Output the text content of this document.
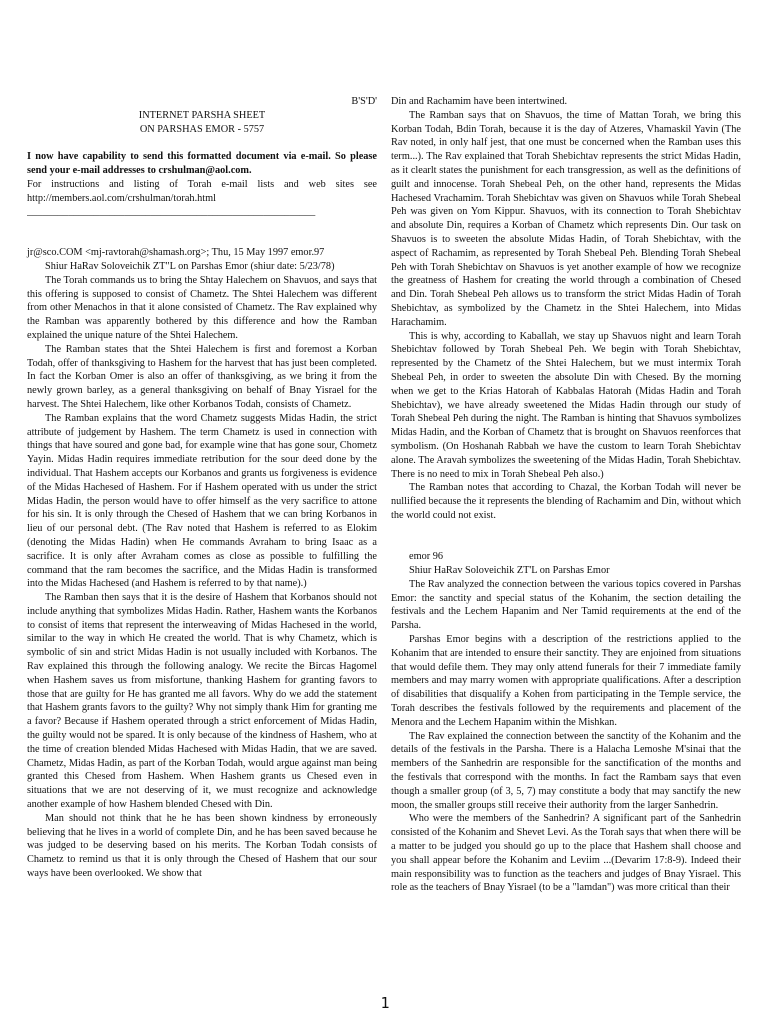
B'S'D'

INTERNET PARSHA SHEET

ON PARSHAS EMOR - 5757

I now have capability to send this formatted document via e-mail. So please send your e-mail addresses to crshulman@aol.com.

For instructions and listing of Torah e-mail lists and web sites see http://members.aol.com/crshulman/torah.html

________________________________________________________

jr@sco.COM <mj-ravtorah@shamash.org>; Thu, 15 May 1997 emor.97

Shiur HaRav Soloveichik ZT"L on Parshas Emor (shiur date: 5/23/78)

The Torah commands us to bring the Shtay Halechem on Shavuos, and says that this offering is supposed to consist of Chametz. The Shtei Halechem was different from other Menachos in that it alone consisted of Chametz. The Rav explained why the Ramban was apparently bothered by this difference and how the Ramban explained the unique nature of the Shtei Halechem.

The Ramban states that the Shtei Halechem is first and foremost a Korban Todah, offer of thanksgiving to Hashem for the harvest that has just been completed. In fact the Korban Omer is also an offer of thanksgiving, as we bring it from the newly grown barley, as a general thanksgiving on behalf of Bnay Yisrael for the harvest. The Shtei Halechem, like other Korbanos Todah, consists of Chametz.

The Ramban explains that the word Chametz suggests Midas Hadin, the strict attribute of judgement by Hashem. The term Chametz is used in connection with things that have soured and gone bad, for example wine that has gone sour, Chometz Yayin. Midas Hadin requires immediate retribution for the sour deed done by the individual. That Hashem accepts our Korbanos and grants us forgiveness is evidence of the Midas Hachesed of Hashem. For if Hashem operated with us under the strict Midas Hadin, the person would have to offer himself as the very sacrifice to attone for his sin. It is only through the Chesed of Hashem that we can bring Korbanos in lieu of our personal debt. (The Rav noted that Hashem is referred to as Elokim (denoting the Midas Hadin) when He commands Avraham to bring Isaac as a sacrifice. It is only after Avraham comes as close as possible to fulfilling the command that the ram becomes the sacrifice, and the Midas Hadin is transformed into the Midas Hachesed (and Hashem is referred to by that name).)

The Ramban then says that it is the desire of Hashem that Korbanos should not include anything that symbolizes Midas Hadin. Rather, Hashem wants the Korbanos to consist of items that represent the interweaving of Midas Hachesed in the world, similar to the way in which He created the world. That is why Chametz, which is symbolic of sin and strict Midas Hadin is not usually included with Korbanos. The Rav explained this through the following analogy. We recite the Bircas Hagomel when Hashem saves us from misfortune, thanking Hashem for granting favors to those that are guilty for He has granted me all favors. Why do we add the statement that Hashem grants favors to the guilty? Why not simply thank Him for granting me a favor? Because if Hashem operated through a strict enforcement of Midas Hadin, the guilty would not be spared. It is only because of the kindness of Hashem, who at the time of creation blended Midas Hachesed with Midas Hadin, that we are saved. Chametz, Midas Hadin, as part of the Korban Todah, would argue against man being granted this Chesed from Hashem. When Hashem grants us Chesed even in situations that we are not deserving of it, we must recognize and acknowledge another example of how Hashem blended Chesed with Din.

Man should not think that he he has been shown kindness by erroneously believing that he lives in a world of complete Din, and he has been saved because he was judged to be deserving based on his merits. The Korban Todah consists of Chametz to remind us that it is only through the Chesed of Hashem that our sour ways have been overlooked. We show that

Din and Rachamim have been intertwined.

The Ramban says that on Shavuos, the time of Mattan Torah, we bring this Korban Todah, Bdin Torah, because it is the day of Atzeres, Vhamaskil Yavin (The Rav noted, in only half jest, that one must be concerned when the Ramban uses this term...). The Rav explained that Torah Shebichtav represents the strict Midas Hadin, as it clearlt states the punishment for each transgression, as well as the definitions of guilt and innocense. Torah Shebeal Peh, on the other hand, represents the Midas Hachesed Vrachamim. Torah Shebichtav was given on Shavuos while Torah Shebeal Peh was given on Yom Kippur. Shavuos, with its connection to Torah Shebichtav and absolute Din, requires a Korban of Chametz which represents Din. Our task on Shavuos is to sweeten the absolute Midas Hadin, of Torah Shebichtav, with the aspect of Rachamim, as represented by Torah Shebeal Peh. Blending Torah Shebeal Peh with Torah Shebichtav on Shavuos is yet another example of how we recognize the greatness of Hashem for creating the world through a combination of Chesed and Din. Torah Shebeal Peh allows us to transform the strict Midas Hadin of Torah Shebichtav, as symbolized by the Chametz in the Shtei Halechem, into Midas Harachamim.

This is why, according to Kaballah, we stay up Shavuos night and learn Torah Shebichtav followed by Torah Shebeal Peh. We begin with Torah Shebichtav, represented by the Chametz of the Shtei Halechem, but we must intermix Torah Shebeal Peh, in order to sweeten the absolute Din with Chesed. By the morning when we get to the Krias Hatorah of Kabbalas Hatorah (Midas Hadin and Torah Shebichtav), we have already sweetened the Midas Hadin through our study of Torah Shebeal Peh during the night. The Ramban is hinting that Shavuos symbolizes Midas Hadin, and the Korban of Chametz that is brought on Shavuos reenforces that symbolism. (On Hoshanah Rabbah we have the custom to learn Torah Shebichtav alone. The Aravah symbolizes the sweetening of the Midas Hadin, Torah Shebichtav. There is no need to mix in Torah Shebeal Peh also.)

The Ramban notes that according to Chazal, the Korban Todah will never be nullified because the it represents the blending of Rachamim and Din, without which the world could not exist.

emor 96

Shiur HaRav Soloveichik ZT'L on Parshas Emor

The Rav analyzed the connection between the various topics covered in Parshas Emor: the sanctity and special status of the Kohanim, the section detailing the festivals and the Lechem Hapanim and Ner Tamid requirements at the end of the Parsha.

Parshas Emor begins with a description of the restrictions applied to the Kohanim that are intended to ensure their sanctity. They are enjoined from situations that would defile them. They may only attend funerals for their 7 immediate family members and may marry women with appropriate qualifications. After a description of disabilities that disqualify a Kohen from participating in the Temple service, the Torah describes the festivals followed by the requirements and placement of the Menora and the Lechem Hapanim within the Mishkan.

The Rav explained the connection between the sanctity of the Kohanim and the details of the festivals in the Parsha. There is a Halacha Lemoshe M'sinai that the members of the Sanhedrin are responsible for the sanctification of the months and the festivals that correspond with the months. In fact the Rambam says that even though a smaller group (of 3, 5, 7) may constitute a body that may sanctify the new moon, the smaller groups still receive their authority from the larger Sanhedrin.

Who were the members of the Sanhedrin? A significant part of the Sanhedrin consisted of the Kohanim and Shevet Levi. As the Torah says that when there will be a matter to be judged you should go up to the place that Hashem shall choose and you shall appear before the Kohanim and Leviim ...(Devarim 17:8-9). Indeed their main responsibility was to function as the teachers and judges of Bnay Yisrael. This role as the teachers of Bnay Yisrael (to be a "lamdan") was more critical than their

1
